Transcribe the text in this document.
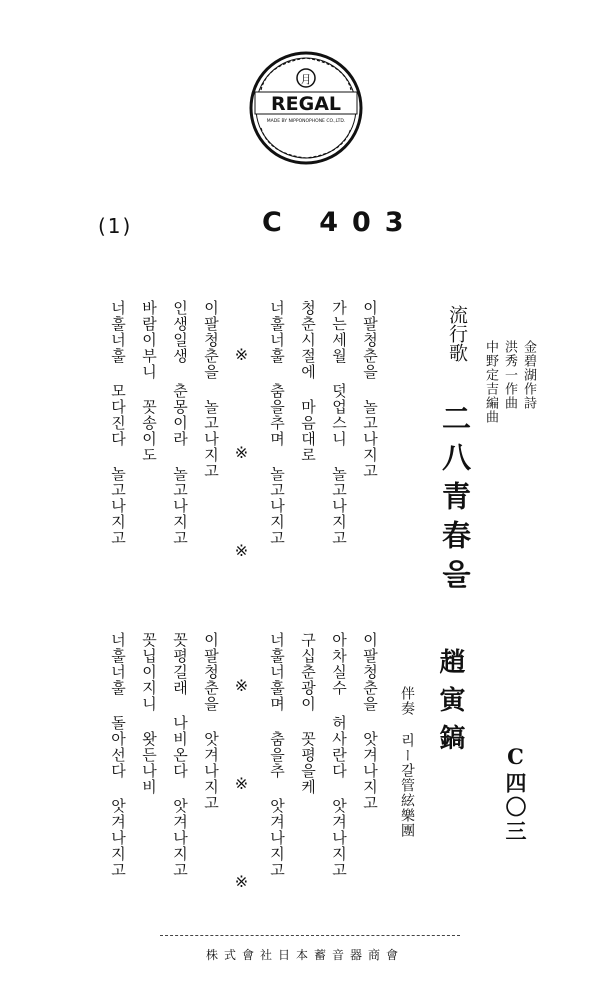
月
REGAL
MADE BY NIPPONOPHONE CO.,LTD.
(1)	C 403
流行歌
二八青春을
金碧湖作詩
洪秀一作曲
中野定吉編曲
趙寅鎬
伴奏 리ー갈管絃樂團	C四〇三
이팔청춘을 놀고나지고
가는세월 덧업스니 놀고나지고
청춘시절에 마음대로
너훌너훌 춤을추며 놀고나지고
※ ※ ※
이팔청춘을 놀고나지고
인생일생 춘몽이라 놀고나지고
바람이부니 꼿송이도
너훌너훌 모다진다 놀고나지고
이팔청춘을 앗겨나지고
아차실수 허사란다 앗겨나지고
구십춘광이 꼿평을케
너훌너훌며 춤을추 앗겨나지고
※ ※ ※
이팔청춘을 앗겨나지고
꼿평길래 나비온다 앗겨나지고
꼿닙이지니 왓든나비
너훌너훌 돌아선다 앗겨나지고
株式會社日本蓄音器商會
